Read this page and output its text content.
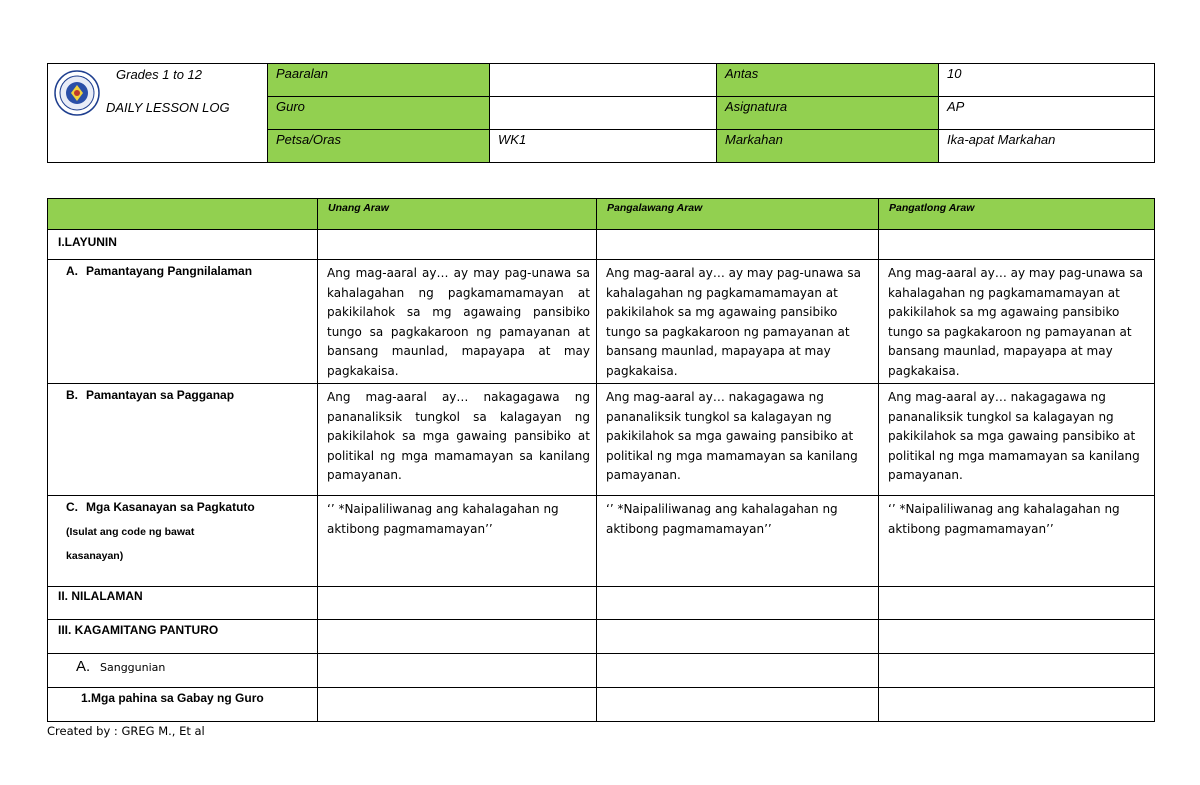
Grades 1 to 12
DAILY LESSON LOG	Paaralan		Antas	10
	Guro		Asignatura	AP
	Petsa/Oras	WK1	Markahan	Ika-apat Markahan
	Unang Araw	Pangalawang Araw	Pangatlong Araw
I.LAYUNIN			
A. Pamantayang Pangnilalaman	Ang mag-aaral ay… ay may pag-unawa sa kahalagahan ng pagkamamamayan at pakikilahok sa mg agawaing pansibiko tungo sa pagkakaroon ng pamayanan at bansang maunlad, mapayapa at may pagkakaisa.	Ang mag-aaral ay… ay may pag-unawa sa kahalagahan ng pagkamamamayan at pakikilahok sa mg agawaing pansibiko tungo sa pagkakaroon ng pamayanan at bansang maunlad, mapayapa at may pagkakaisa.	Ang mag-aaral ay… ay may pag-unawa sa kahalagahan ng pagkamamamayan at pakikilahok sa mg agawaing pansibiko tungo sa pagkakaroon ng pamayanan at bansang maunlad, mapayapa at may pagkakaisa.
B. Pamantayan sa Pagganap	Ang mag-aaral ay… nakagagawa ng pananaliksik tungkol sa kalagayan ng pakikilahok sa mga gawaing pansibiko at politikal ng mga mamamayan sa kanilang pamayanan.	Ang mag-aaral ay… nakagagawa ng pananaliksik tungkol sa kalagayan ng pakikilahok sa mga gawaing pansibiko at politikal ng mga mamamayan sa kanilang pamayanan.	Ang mag-aaral ay… nakagagawa ng pananaliksik tungkol sa kalagayan ng pakikilahok sa mga gawaing pansibiko at politikal ng mga mamamayan sa kanilang pamayanan.

C. Mga Kasanayan sa Pagkatuto
(Isulat ang code ng bawat
kasanayan)	‘’ *Naipaliliwanag ang kahalagahan ng aktibong pagmamamayan’’	‘’ *Naipaliliwanag ang kahalagahan ng aktibong pagmamamayan’’	‘’ *Naipaliliwanag ang kahalagahan ng aktibong pagmamamayan’’
II. NILALAMAN			
III. KAGAMITANG PANTURO			
A. Sanggunian			
1.Mga pahina sa Gabay ng Guro			
Created by : GREG M., Et al
